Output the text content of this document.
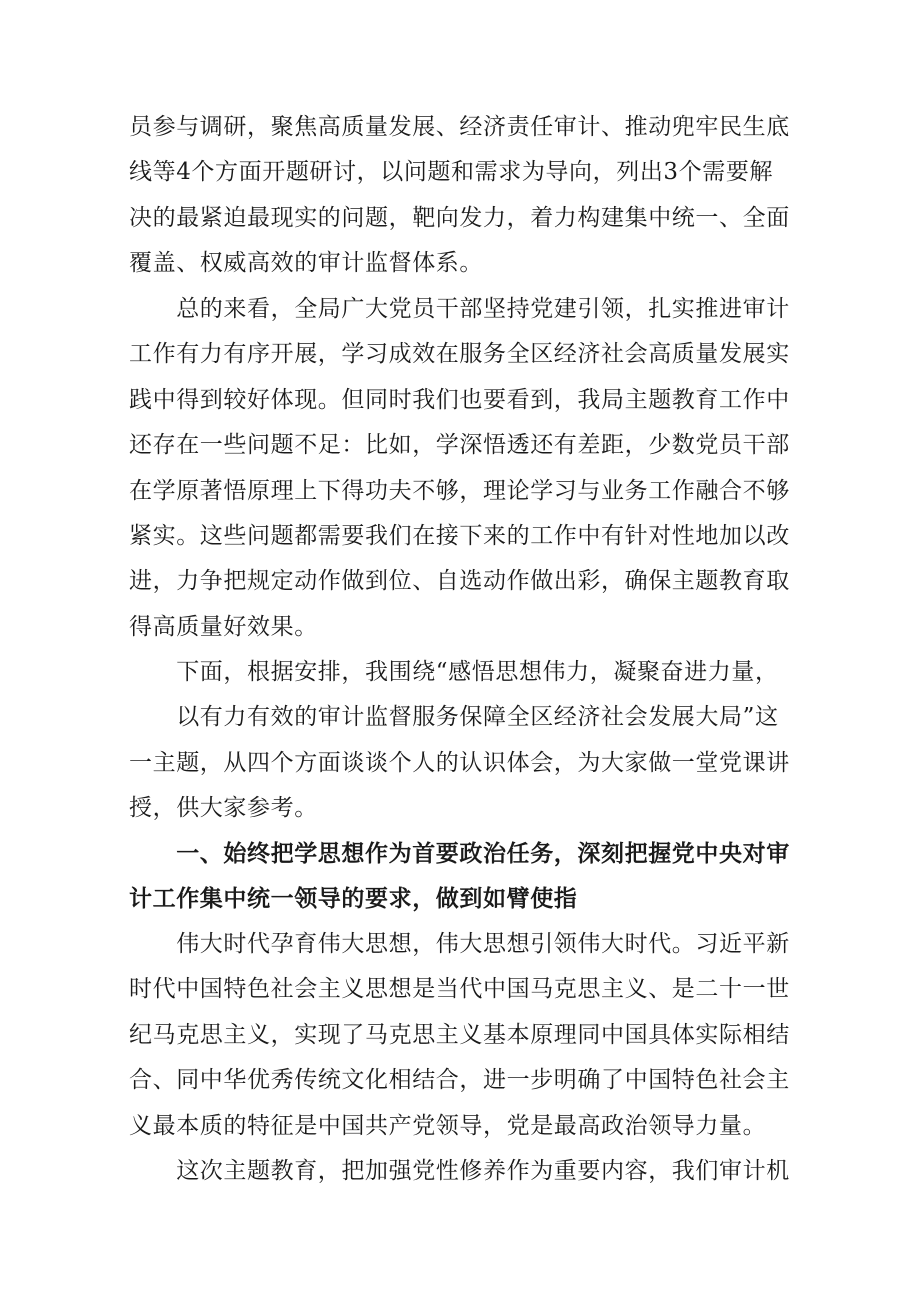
员参与调研，聚焦高质量发展、经济责任审计、推动兜牢民生底
线等4个方面开题研讨，以问题和需求为导向，列出3个需要解
决的最紧迫最现实的问题，靶向发力，着力构建集中统一、全面
覆盖、权威高效的审计监督体系。

　　总的来看，全局广大党员干部坚持党建引领，扎实推进审计
工作有力有序开展，学习成效在服务全区经济社会高质量发展实
践中得到较好体现。但同时我们也要看到，我局主题教育工作中
还存在一些问题不足：比如，学深悟透还有差距，少数党员干部
在学原著悟原理上下得功夫不够，理论学习与业务工作融合不够
紧实。这些问题都需要我们在接下来的工作中有针对性地加以改
进，力争把规定动作做到位、自选动作做出彩，确保主题教育取
得高质量好效果。

　　下面，根据安排，我围绕“感悟思想伟力，凝聚奋进力量，
　　以有力有效的审计监督服务保障全区经济社会发展大局”这
一主题，从四个方面谈谈个人的认识体会，为大家做一堂党课讲
授，供大家参考。

　　一、始终把学思想作为首要政治任务，深刻把握党中央对审
计工作集中统一领导的要求，做到如臂使指

　　伟大时代孕育伟大思想，伟大思想引领伟大时代。习近平新
时代中国特色社会主义思想是当代中国马克思主义、是二十一世
纪马克思主义，实现了马克思主义基本原理同中国具体实际相结
合、同中华优秀传统文化相结合，进一步明确了中国特色社会主
义最本质的特征是中国共产党领导，党是最高政治领导力量。

　　这次主题教育，把加强党性修养作为重要内容，我们审计机
